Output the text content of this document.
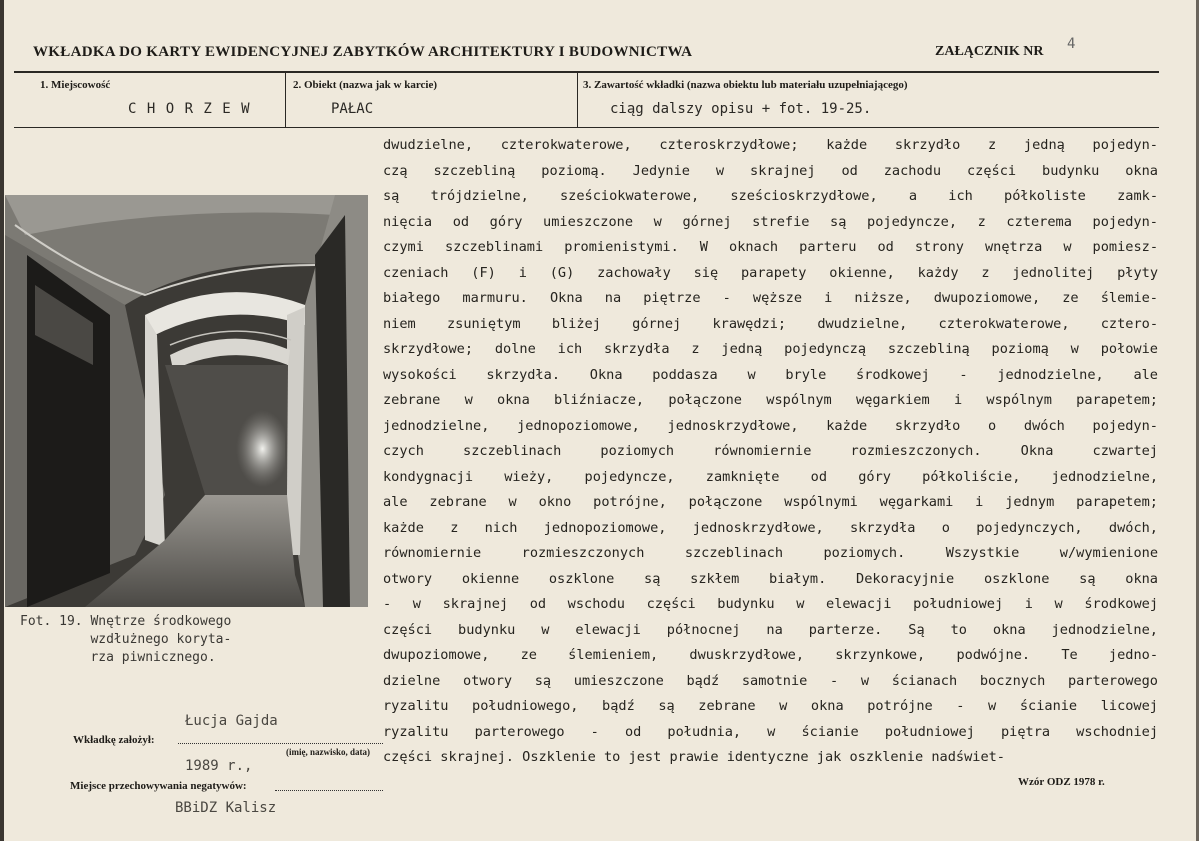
WKŁADKA DO KARTY EWIDENCYJNEJ ZABYTKÓW ARCHITEKTURY I BUDOWNICTWA	ZAŁĄCZNIK NR 4
1. Miejscowość
C H O R Z E W
2. Obiekt (nazwa jak w karcie)
PAŁAC
3. Zawartość wkładki (nazwa obiektu lub materiału uzupełniającego)
ciąg dalszy opisu + fot. 19-25.
Fot. 19. Wnętrze środkowego
wzdłużnego koryta-
rza piwnicznego.
dwudzielne, czterokwaterowe, czteroskrzydłowe; każde skrzydło z jedną pojedyn-
czą szczebliną poziomą. Jedynie w skrajnej od zachodu części budynku okna
są trójdzielne, sześciokwaterowe, sześcioskrzydłowe, a ich półkoliste zamk-
nięcia od góry umieszczone w górnej strefie są pojedyncze, z czterema pojedyn-
czymi szczeblinami promienistymi. W oknach parteru od strony wnętrza w pomiesz-
czeniach (F) i (G) zachowały się parapety okienne, każdy z jednolitej płyty
białego marmuru. Okna na piętrze - węższe i niższe, dwupoziomowe, ze ślemie-
niem zsuniętym bliżej górnej krawędzi; dwudzielne, czterokwaterowe, cztero-
skrzydłowe; dolne ich skrzydła z jedną pojedynczą szczebliną poziomą w połowie
wysokości skrzydła. Okna poddasza w bryle środkowej - jednodzielne, ale
zebrane w okna bliźniacze, połączone wspólnym węgarkiem i wspólnym parapetem;
jednodzielne, jednopoziomowe, jednoskrzydłowe, każde skrzydło o dwóch pojedyn-
czych szczeblinach poziomych równomiernie rozmieszczonych. Okna czwartej
kondygnacji wieży, pojedyncze, zamknięte od góry półkoliście, jednodzielne,
ale zebrane w okno potrójne, połączone wspólnymi węgarkami i jednym parapetem;
każde z nich jednopoziomowe, jednoskrzydłowe, skrzydła o pojedynczych, dwóch,
równomiernie rozmieszczonych szczeblinach poziomych. Wszystkie w/wymienione
otwory okienne oszklone są szkłem białym. Dekoracyjnie oszklone są okna
- w skrajnej od wschodu części budynku w elewacji południowej i w środkowej
części budynku w elewacji północnej na parterze. Są to okna jednodzielne,
dwupoziomowe, ze ślemieniem, dwuskrzydłowe, skrzynkowe, podwójne. Te jedno-
dzielne otwory są umieszczone bądź samotnie - w ścianach bocznych parterowego
ryzalitu południowego, bądź są zebrane w okna potrójne - w ścianie licowej
ryzalitu parterowego - od południa, w ścianie południowej piętra wschodniej
części skrajnej. Oszklenie to jest prawie identyczne jak oszklenie nadświet-
Łucja Gajda
Wkładkę założył:
(imię, nazwisko, data)
1989 r.,
Miejsce przechowywania negatywów:
BBiDZ Kalisz
Wzór ODZ 1978 r.
